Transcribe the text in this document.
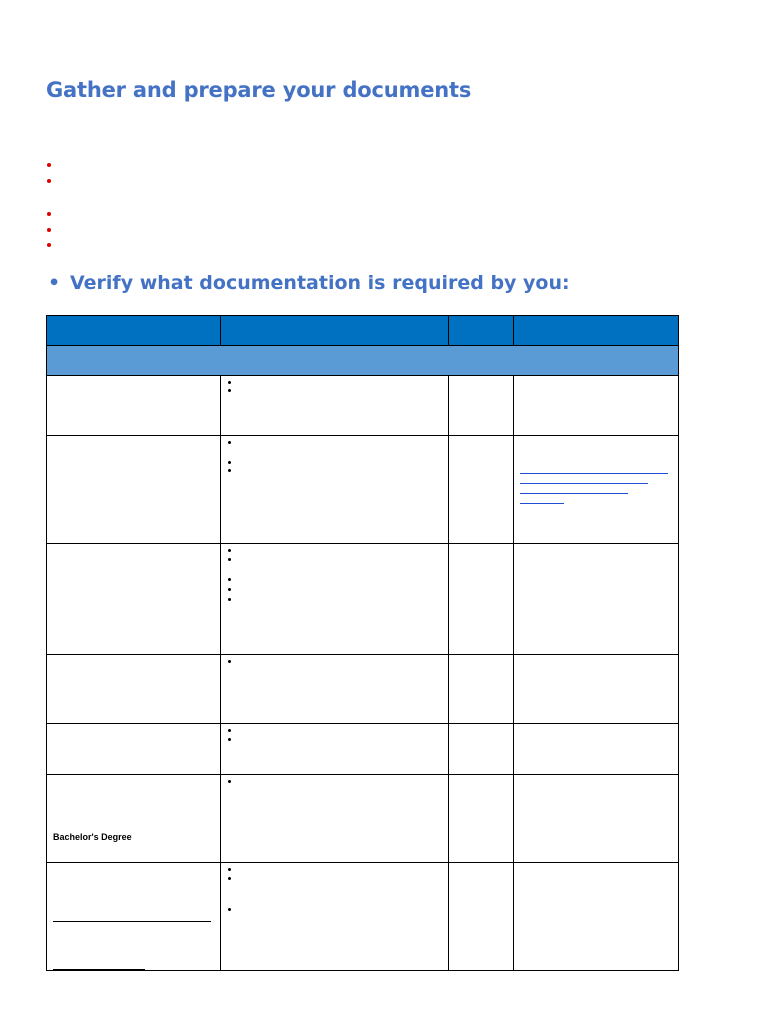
Gather and prepare your documents
• Verify what documentation is required by you:

Bachelor's Degree			
